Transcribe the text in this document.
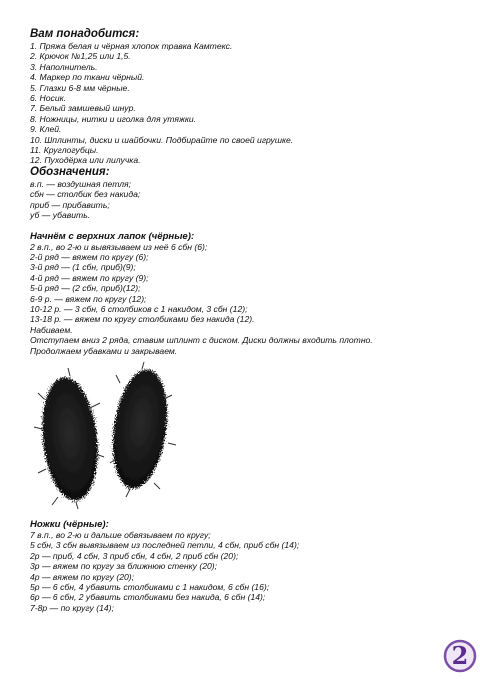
Вам понадобится:

1. Пряжа белая и чёрная хлопок травка Камтекс.

2. Крючок №1,25 или 1,5.

3. Наполнитель.

4. Маркер по ткани чёрный.

5. Глазки 6-8 мм чёрные.

6. Носик.

7. Белый замшевый шнур.

8. Ножницы, нитки и иголка для утяжки.

9. Клей.

10. Шплинты, диски и шайбочки. Подбирайте по своей игрушке.

11. Круглогубцы.

12. Пуходёрка или лилучка.

Обозначения:

в.п. — воздушная петля;

сбн — столбик без накида;

приб — прибавить;

уб — убавить.

Начнём с верхних лапок (чёрные):

2 в.п., во 2-ю и вывязываем из неё 6 сбн (6);

2-й ряд — вяжем по кругу (6);

3-й ряд — (1 сбн, приб)(9);

4-й ряд — вяжем по кругу (9);

5-й ряд — (2 сбн, приб)(12);

6-9 р. — вяжем по кругу (12);

10-12 р. — 3 сбн, 6 столбиков с 1 накидом, 3 сбн (12);

13-18 р. — вяжем по кругу столбиками без накида (12).

Набиваем.

Отступаем вниз 2 ряда, ставим шплинт с диском. Диски должны входить плотно.

Продолжаем убавками и закрываем.

Ножки (чёрные):

7 в.п., во 2-ю и дальше обвязываем по кругу;

5 сбн, 3 сбн вывязываем из последней петли, 4 сбн, приб сбн (14);

2р — приб, 4 сбн, 3 приб сбн, 4 сбн, 2 приб сбн (20);

3р — вяжем по кругу за ближнюю стенку (20);

4р — вяжем по кругу (20);

5р — 6 сбн, 4 убавить столбиками с 1 накидом, 6 сбн (16);

6р — 6 сбн, 2 убавить столбиками без накида, 6 сбн (14);

7-8р — по кругу (14);

2
